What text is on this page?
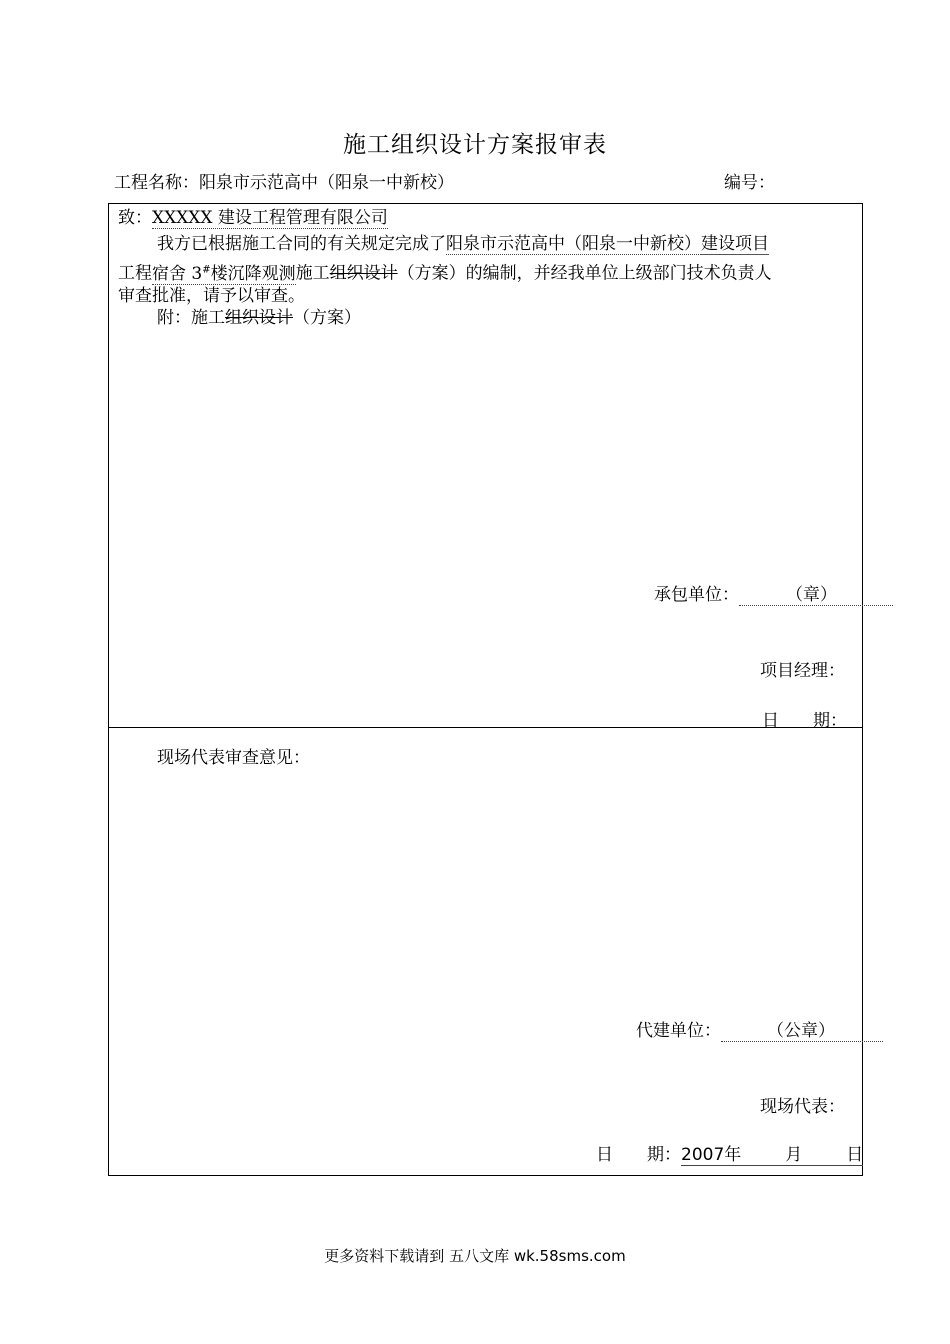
施工组织设计方案报审表
工程名称：阳泉市示范高中（阳泉一中新校）	编号：
致：XXXXX 建设工程管理有限公司
我方已根据施工合同的有关规定完成了阳泉市示范高中（阳泉一中新校）建设项目
工程宿舍 3#楼沉降观测施工组织设计（方案）的编制，并经我单位上级部门技术负责人
审查批准，请予以审查。
附：施工组织设计（方案）
承包单位：	（章）
项目经理：
日　　期：
现场代表审查意见：
代建单位：	（公章）
现场代表：
日　　期：2007年	月	日
更多资料下载请到 五八文库 wk.58sms.com
